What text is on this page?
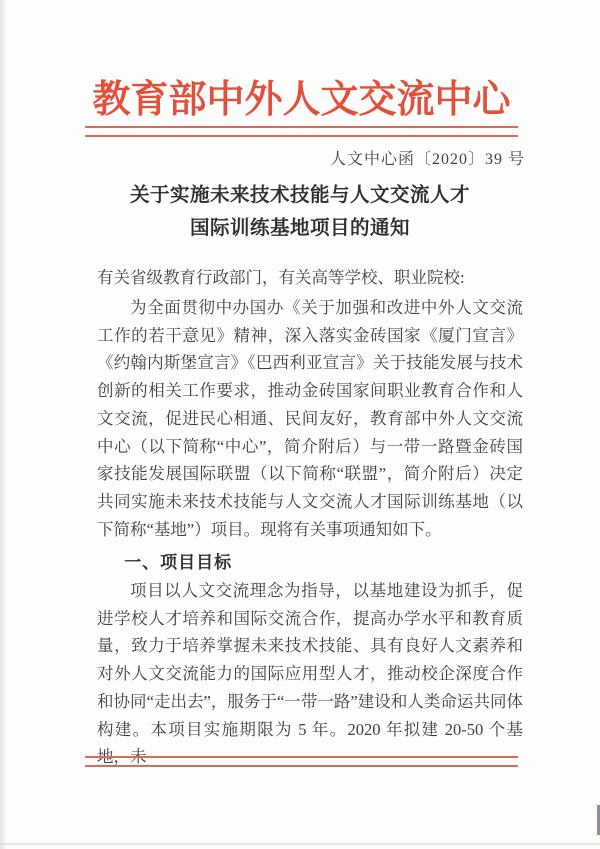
教育部中外人文交流中心
人文中心函〔2020〕39 号
关于实施未来技术技能与人文交流人才
国际训练基地项目的通知

有关省级教育行政部门，有关高等学校、职业院校:

为全面贯彻中办国办《关于加强和改进中外人文交流工作的若干意见》精神，深入落实金砖国家《厦门宣言》《约翰内斯堡宣言》《巴西利亚宣言》关于技能发展与技术创新的相关工作要求，推动金砖国家间职业教育合作和人文交流，促进民心相通、民间友好，教育部中外人文交流中心（以下简称“中心”，简介附后）与一带一路暨金砖国家技能发展国际联盟（以下简称“联盟”，简介附后）决定共同实施未来技术技能与人文交流人才国际训练基地（以下简称“基地”）项目。现将有关事项通知如下。

一、项目目标

项目以人文交流理念为指导，以基地建设为抓手，促进学校人才培养和国际交流合作，提高办学水平和教育质量，致力于培养掌握未来技术技能、具有良好人文素养和对外人文交流能力的国际应用型人才，推动校企深度合作和协同“走出去”，服务于“一带一路”建设和人类命运共同体构建。本项目实施期限为 5 年。2020 年拟建 20-50 个基地，未
